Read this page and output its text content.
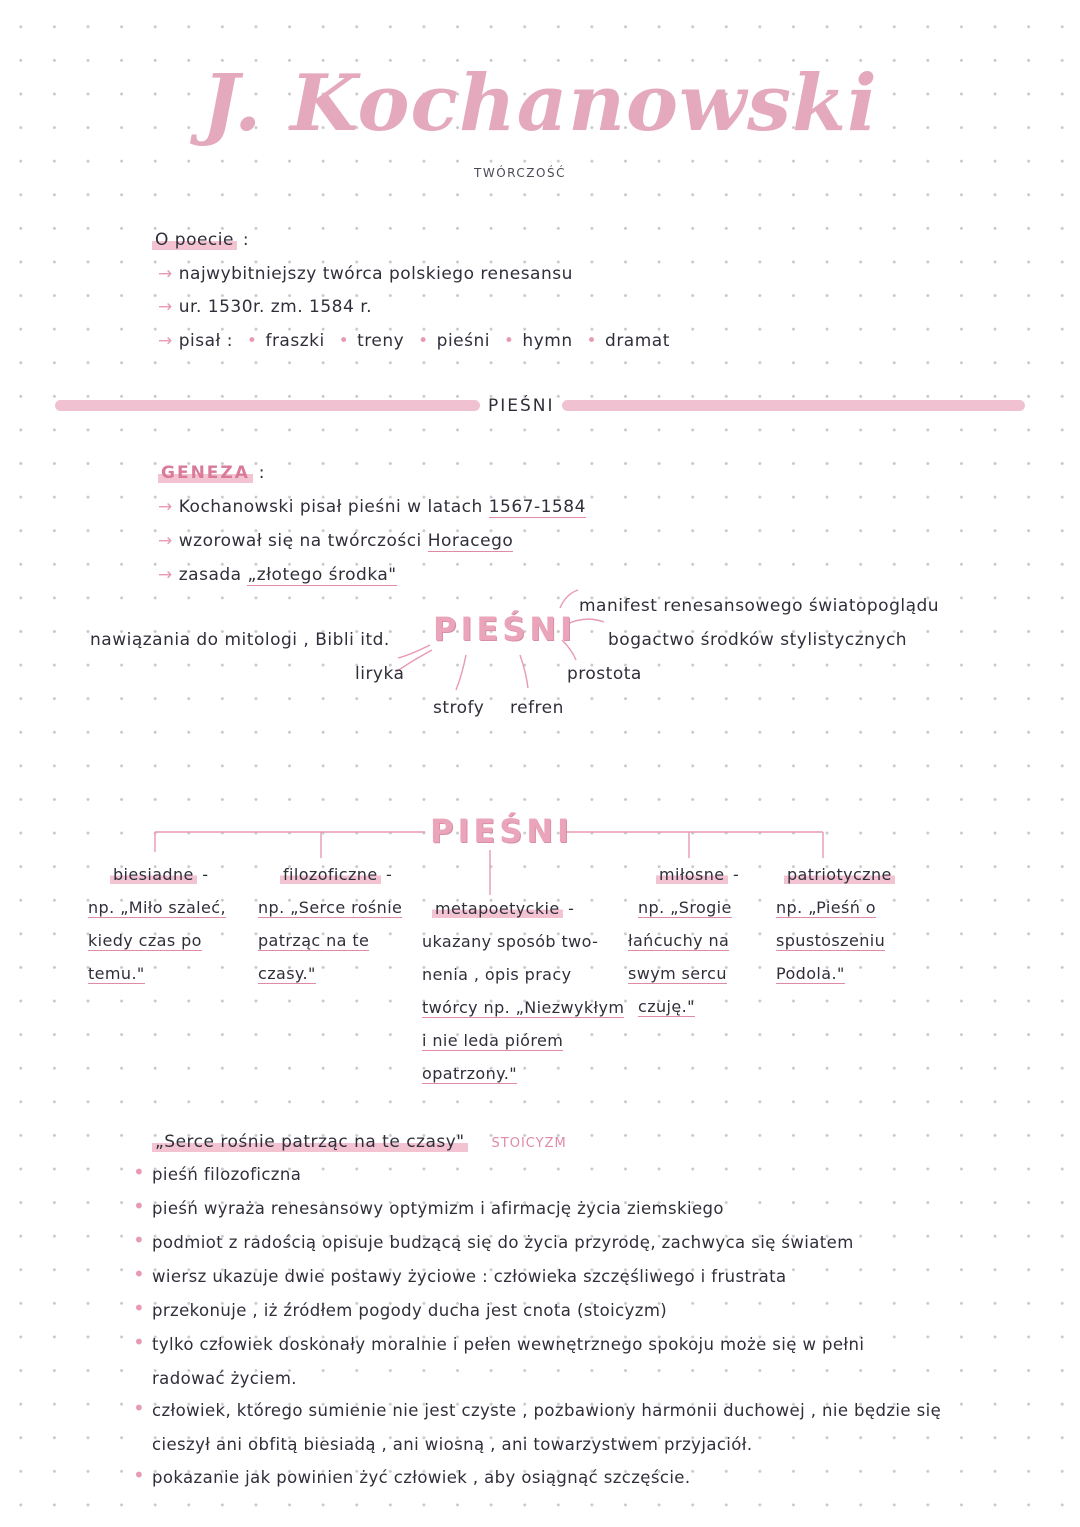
J. Kochanowski
TWÓRCZOŚĆ
O poecie :
→ najwybitniejszy twórca polskiego renesansu
→ ur. 1530r. zm. 1584 r.
→ pisał : • fraszki • treny • pieśni • hymn • dramat
PIEŚNI
GENEZA :
→ Kochanowski pisał pieśni w latach 1567-1584
→ wzorował się na twórczości Horacego
→ zasada „złotego środka"
PIEŚNI
manifest renesansowego światopoglądu
bogactwo środków stylistycznych
prostota
refren
strofy
liryka
nawiązania do mitologi , Bibli itd.
PIEŚNI
biesiadne -
np. „Miło szaleć,
kiedy czas po
temu."
filozoficzne -
np. „Serce rośnie
patrząc na te
czasy."
metapoetyckie -
ukazany sposób two-
nenia , opis pracy
twórcy np. „Niezwykłym
i nie leda piórem
opatrzony."
miłosne -
np. „Srogie
łańcuchy na
swym sercu
czuję."
patriotyczne
np. „Pieśń o
spustoszeniu
Podola."
„Serce rośnie patrząc na te czasy" STOICYZM
• pieśń filozoficzna
• pieśń wyraża renesansowy optymizm i afirmację życia ziemskiego
• podmiot z radością opisuje budzącą się do życia przyrodę, zachwyca się światem
• wiersz ukazuje dwie postawy życiowe : człowieka szczęśliwego i frustrata
• przekonuje , iż źródłem pogody ducha jest cnota (stoicyzm)
• tylko człowiek doskonały moralnie i pełen wewnętrznego spokoju może się w pełni
radować życiem.
• człowiek, którego sumienie nie jest czyste , pozbawiony harmonii duchowej , nie będzie się
cieszył ani obfitą biesiadą , ani wiosną , ani towarzystwem przyjaciół.
• pokazanie jak powinien żyć człowiek , aby osiągnąć szczęście.
